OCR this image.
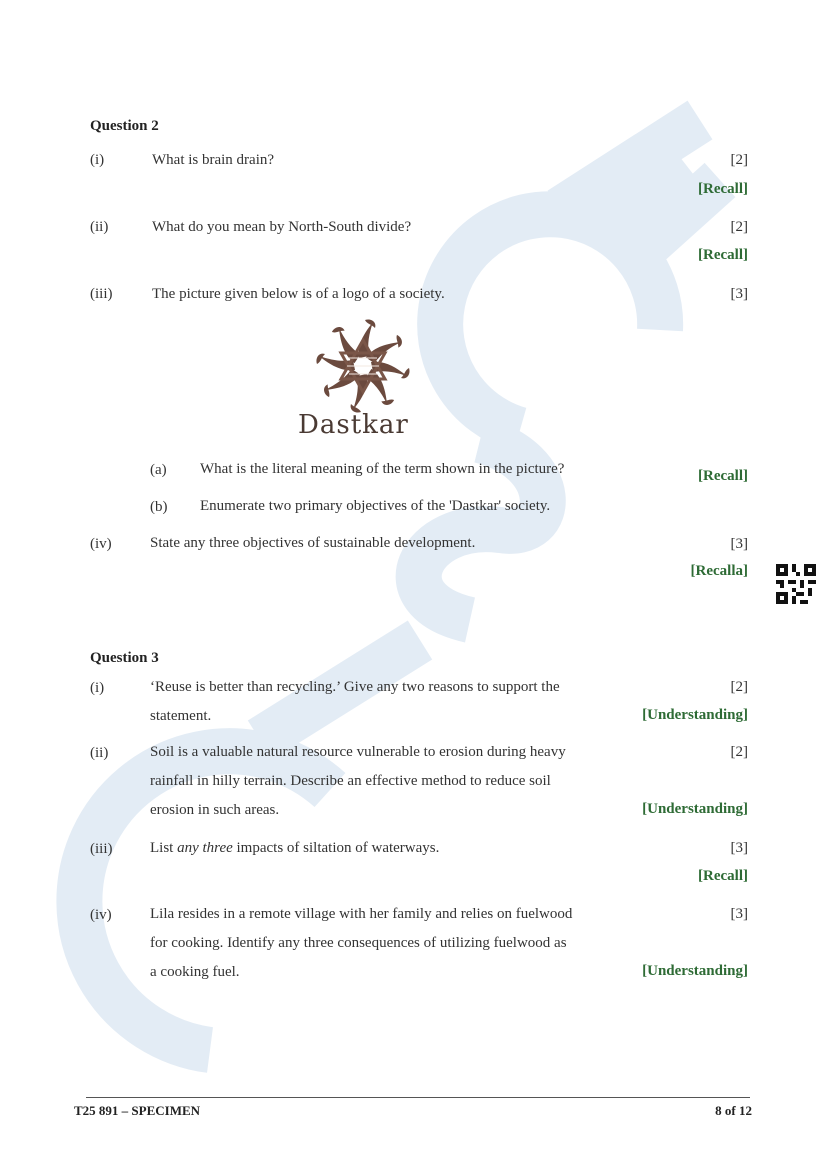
Question 2
(i)	What is brain drain?	[2]
[Recall]
(ii)	What do you mean by North-South divide?	[2]
[Recall]
(iii)	The picture given below is of a logo of a society.	[3]
Dastkar
(a) What is the literal meaning of the term shown in the picture?	[Recall]
(b) Enumerate two primary objectives of the 'Dastkar' society.
(iv)	State any three objectives of sustainable development.	[3]
[Recalla]
Question 3
(i)	‘Reuse is better than recycling.’ Give any two reasons to support the
statement.
[2]
[Understanding]
(ii)	Soil is a valuable natural resource vulnerable to erosion during heavy
rainfall in hilly terrain. Describe an effective method to reduce soil
erosion in such areas.
[2]
[Understanding]
(iii)	List any three impacts of siltation of waterways.	[3]
[Recall]
(iv)	Lila resides in a remote village with her family and relies on fuelwood
for cooking. Identify any three consequences of utilizing fuelwood as
a cooking fuel.
[3]
[Understanding]
T25 891 – SPECIMEN	8 of 12
